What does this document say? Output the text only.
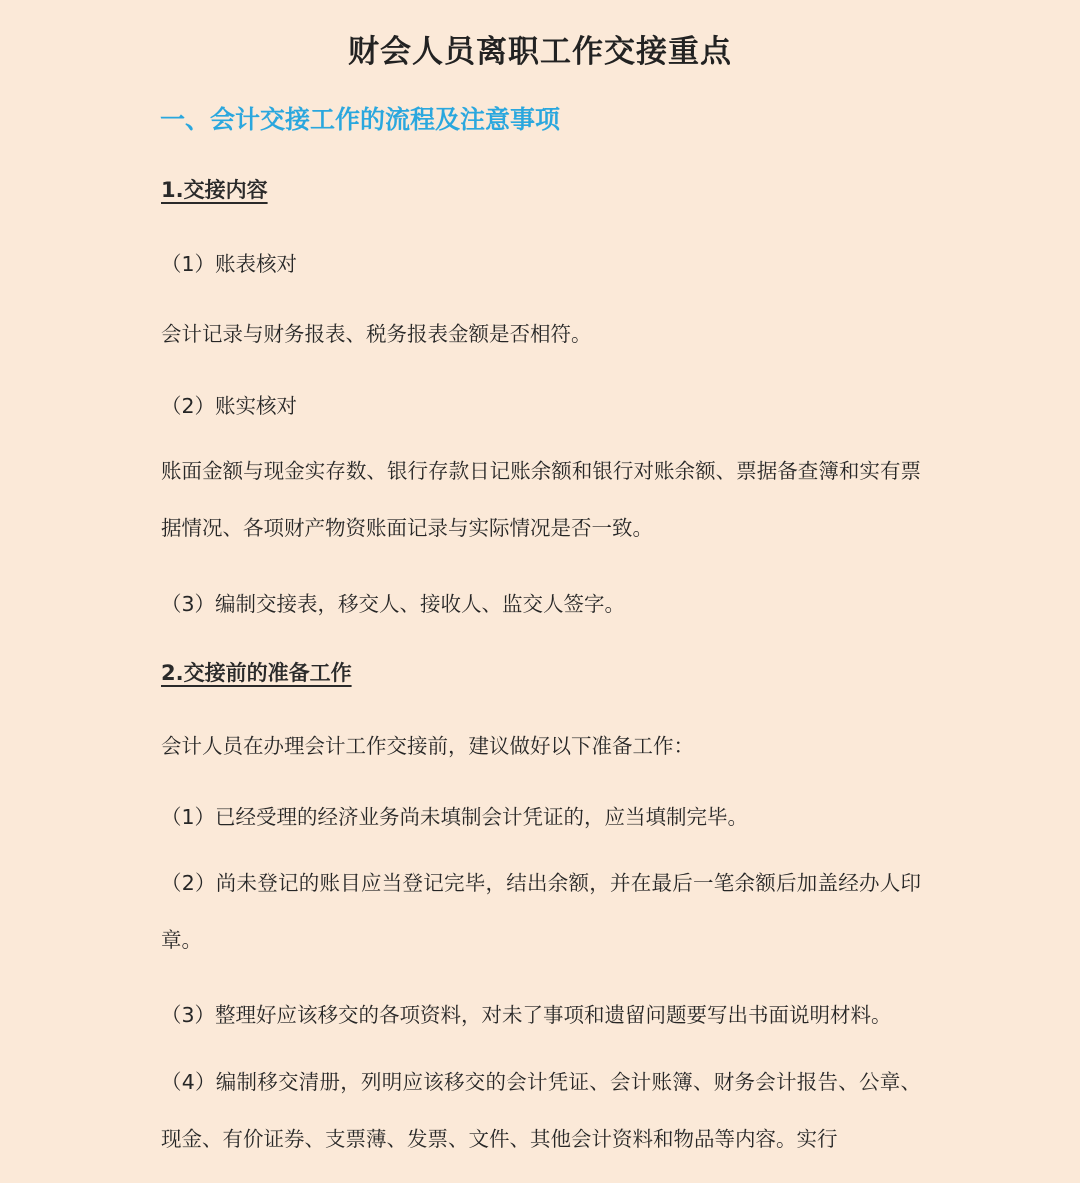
财会人员离职工作交接重点
一、会计交接工作的流程及注意事项
1.交接内容
（1）账表核对
会计记录与财务报表、税务报表金额是否相符。
（2）账实核对
账面金额与现金实存数、银行存款日记账余额和银行对账余额、票据备查簿和实有票据情况、各项财产物资账面记录与实际情况是否一致。
（3）编制交接表，移交人、接收人、监交人签字。
2.交接前的准备工作
会计人员在办理会计工作交接前，建议做好以下准备工作：
（1）已经受理的经济业务尚未填制会计凭证的，应当填制完毕。
（2）尚未登记的账目应当登记完毕，结出余额，并在最后一笔余额后加盖经办人印章。
（3）整理好应该移交的各项资料，对未了事项和遗留问题要写出书面说明材料。
（4）编制移交清册，列明应该移交的会计凭证、会计账簿、财务会计报告、公章、现金、有价证券、支票薄、发票、文件、其他会计资料和物品等内容。实行
